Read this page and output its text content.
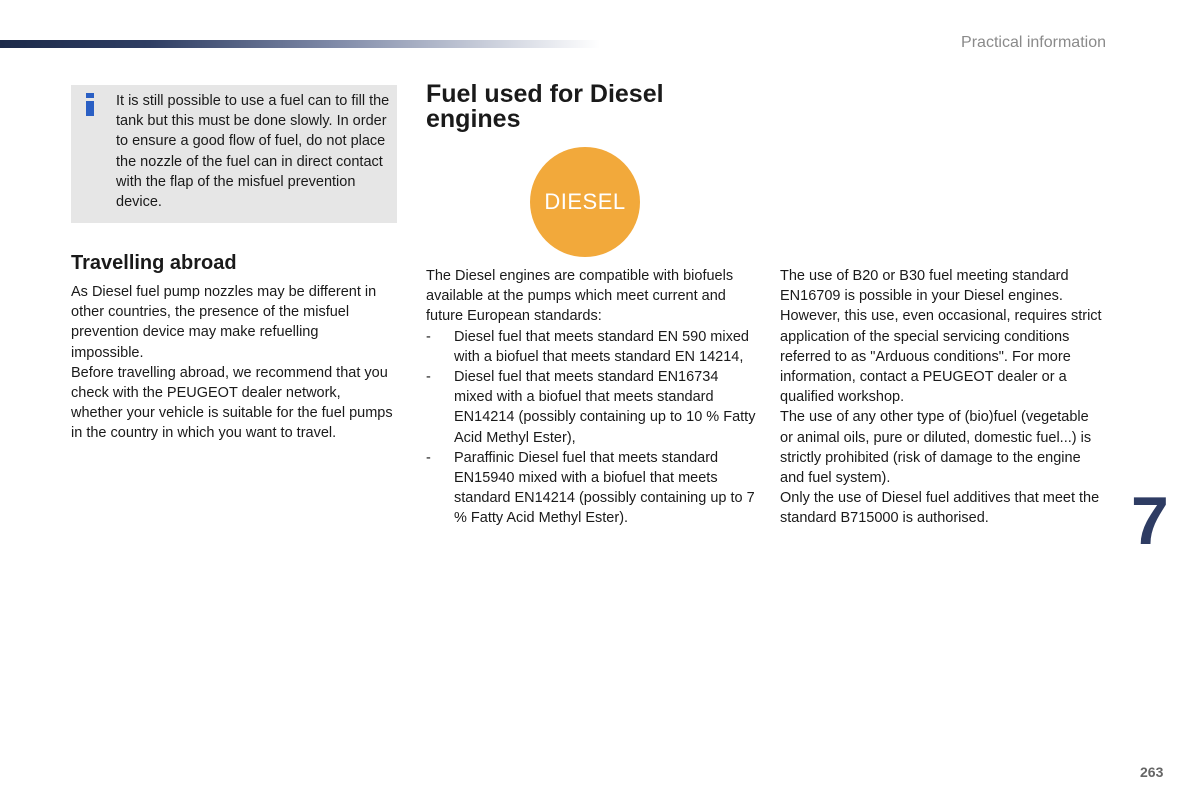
Practical information

It is still possible to use a fuel can to fill the tank but this must be done slowly. In order to ensure a good flow of fuel, do not place the nozzle of the fuel can in direct contact with the flap of the misfuel prevention device.

Travelling abroad

As Diesel fuel pump nozzles may be different in other countries, the presence of the misfuel prevention device may make refuelling impossible.

Before travelling abroad, we recommend that you check with the PEUGEOT dealer network, whether your vehicle is suitable for the fuel pumps in the country in which you want to travel.

Fuel used for Diesel engines
DIESEL

The Diesel engines are compatible with biofuels available at the pumps which meet current and future European standards:

- Diesel fuel that meets standard EN 590 mixed with a biofuel that meets standard EN 14214,
- Diesel fuel that meets standard EN16734 mixed with a biofuel that meets standard EN14214 (possibly containing up to 10 % Fatty Acid Methyl Ester),
- Paraffinic Diesel fuel that meets standard EN15940 mixed with a biofuel that meets standard EN14214 (possibly containing up to 7 % Fatty Acid Methyl Ester).

The use of B20 or B30 fuel meeting standard EN16709 is possible in your Diesel engines. However, this use, even occasional, requires strict application of the special servicing conditions referred to as "Arduous conditions". For more information, contact a PEUGEOT dealer or a qualified workshop.

The use of any other type of (bio)fuel (vegetable or animal oils, pure or diluted, domestic fuel...) is strictly prohibited (risk of damage to the engine and fuel system).

Only the use of Diesel fuel additives that meet the standard B715000 is authorised.	7
263
